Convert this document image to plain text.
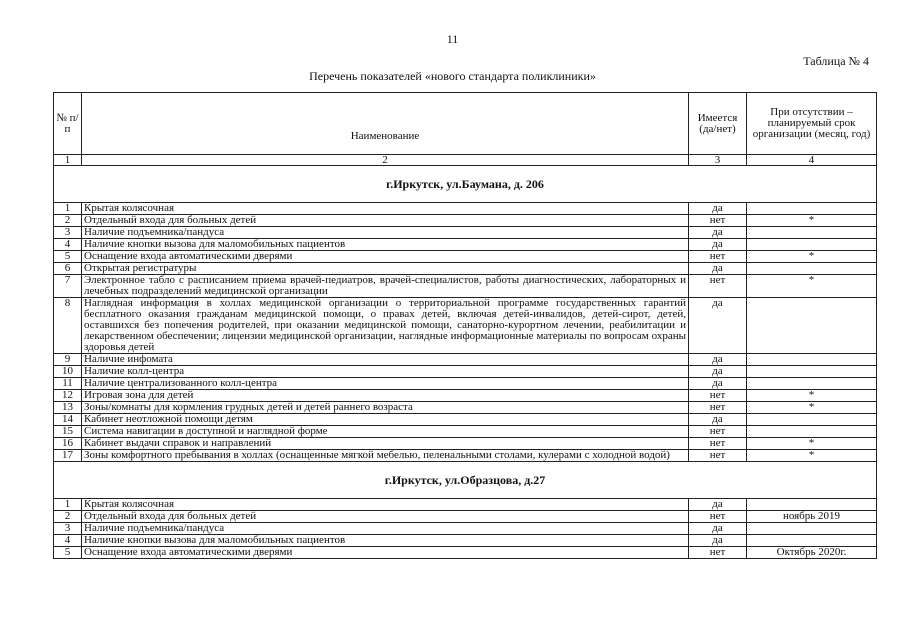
11
Таблица № 4
Перечень показателей «нового стандарта поликлиники»
№ п/п	Наименование	Имеется (да/нет)	При отсутствии – планируемый срок организации (месяц, год)
1	2	3	4
г.Иркутск, ул.Баумана, д. 206			
1	Крытая колясочная	да	
2	Отдельный входа для больных детей	нет	*
3	Наличие подъемника/пандуса	да	
4	Наличие кнопки вызова для маломобильных пациентов	да	
5	Оснащение входа автоматическими дверями	нет	*
6	Открытая регистратуры	да	
7	Электронное табло с расписанием приема врачей-педиатров, врачей-специалистов, работы диагностических, лабораторных и лечебных подразделений медицинской организации	нет	*
8	Наглядная информация в холлах медицинской организации о территориальной программе государственных гарантий бесплатного оказания гражданам медицинской помощи, о правах детей, включая детей-инвалидов, детей-сирот, детей, оставшихся без попечения родителей, при оказании медицинской помощи, санаторно-курортном лечении, реабилитации и лекарственном обеспечении; лицензии медицинской организации, наглядные информационные материалы по вопросам охраны здоровья детей	да	
9	Наличие инфомата	да	
10	Наличие колл-центра	да	
11	Наличие централизованного колл-центра	да	
12	Игровая зона для детей	нет	*
13	Зоны/комнаты для кормления грудных детей и детей раннего возраста	нет	*
14	Кабинет неотложной помощи детям	да	
15	Система навигации в доступной и наглядной форме	нет	
16	Кабинет выдачи справок и направлений	нет	*
17	Зоны комфортного пребывания в холлах (оснащенные мягкой мебелью, пеленальными столами, кулерами с холодной водой)	нет	*
г.Иркутск, ул.Образцова, д.27			
1	Крытая колясочная	да	
2	Отдельный входа для больных детей	нет	ноябрь 2019
3	Наличие подъемника/пандуса	да	
4	Наличие кнопки вызова для маломобильных пациентов	да	
5	Оснащение входа автоматическими дверями	нет	Октябрь 2020г.
